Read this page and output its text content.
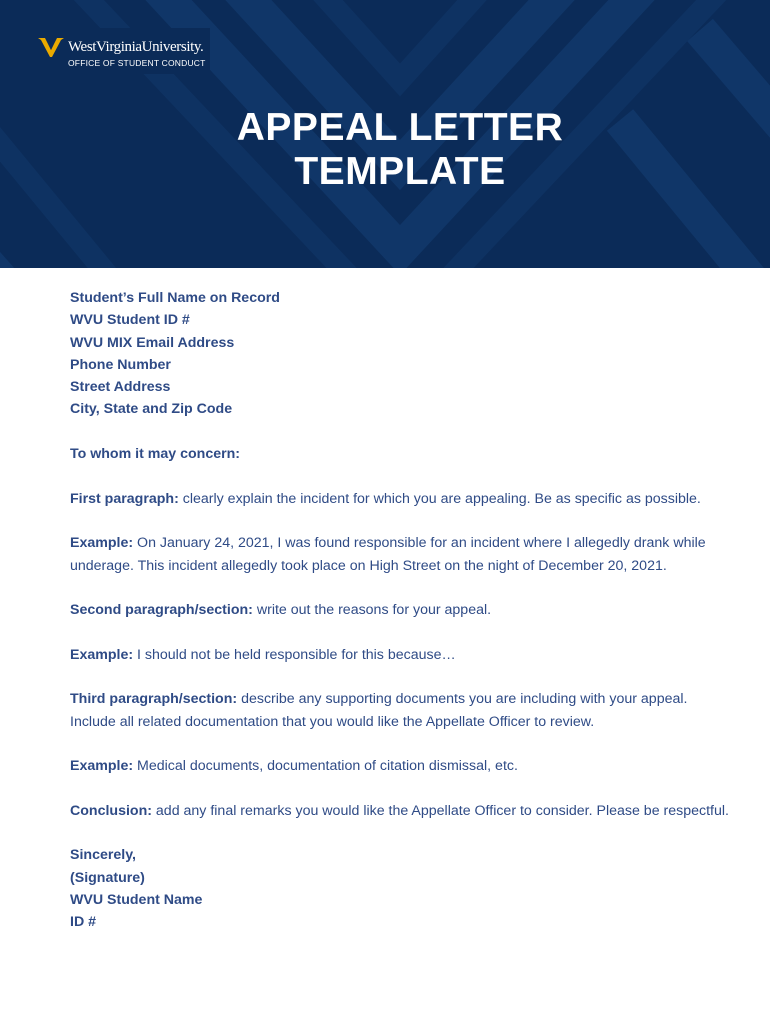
WestVirginiaUniversity.
OFFICE OF STUDENT CONDUCT
APPEAL LETTER
TEMPLATE

Student’s Full Name on Record

WVU Student ID #

WVU MIX Email Address

Phone Number

Street Address

City, State and Zip Code

To whom it may concern:

First paragraph: clearly explain the incident for which you are appealing. Be as specific as possible.

Example: On January 24, 2021, I was found responsible for an incident where I allegedly drank while underage. This incident allegedly took place on High Street on the night of December 20, 2021.

Second paragraph/section: write out the reasons for your appeal.

Example: I should not be held responsible for this because…

Third paragraph/section: describe any supporting documents you are including with your appeal. Include all related documentation that you would like the Appellate Officer to review.

Example: Medical documents, documentation of citation dismissal, etc.

Conclusion: add any final remarks you would like the Appellate Officer to consider. Please be respectful.

Sincerely,

(Signature)

WVU Student Name

ID #
